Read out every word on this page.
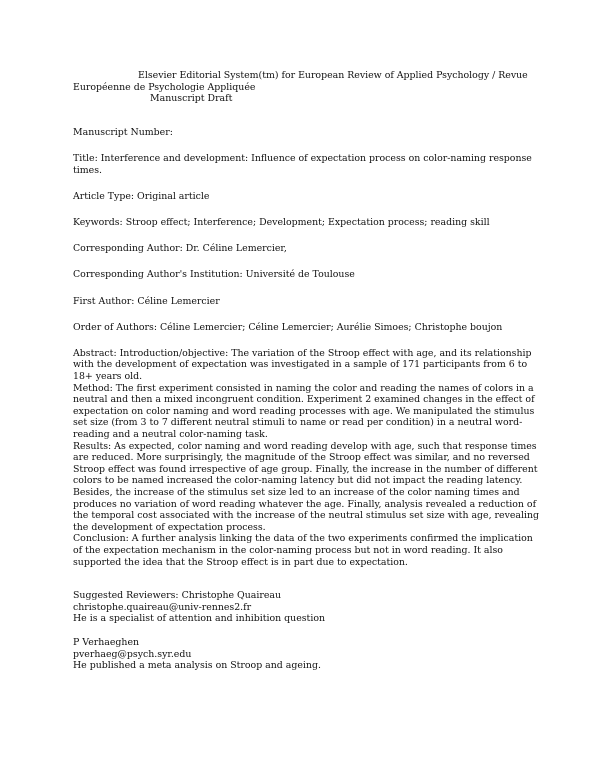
Elsevier Editorial System(tm) for European Review of Applied Psychology / Revue
Européenne de Psychologie Appliquée
Manuscript Draft
Manuscript Number:
Title: Interference and development: Influence of expectation process on color-naming response times.
Article Type: Original article
Keywords: Stroop effect; Interference; Development; Expectation process; reading skill
Corresponding Author: Dr. Céline Lemercier,
Corresponding Author's Institution: Université de Toulouse
First Author: Céline Lemercier
Order of Authors: Céline Lemercier; Céline Lemercier; Aurélie Simoes; Christophe boujon

Abstract: Introduction/objective: The variation of the Stroop effect with age, and its relationship with the development of expectation was investigated in a sample of 171 participants from 6 to 18+ years old.

Method: The first experiment consisted in naming the color and reading the names of colors in a neutral and then a mixed incongruent condition. Experiment 2 examined changes in the effect of expectation on color naming and word reading processes with age. We manipulated the stimulus set size (from 3 to 7 different neutral stimuli to name or read per condition) in a neutral word-reading and a neutral color-naming task.

Results: As expected, color naming and word reading develop with age, such that response times are reduced. More surprisingly, the magnitude of the Stroop effect was similar, and no reversed Stroop effect was found irrespective of age group. Finally, the increase in the number of different colors to be named increased the color-naming latency but did not impact the reading latency. Besides, the increase of the stimulus set size led to an increase of the color naming times and produces no variation of word reading whatever the age. Finally, analysis revealed a reduction of the temporal cost associated with the increase of the neutral stimulus set size with age, revealing the development of expectation process.

Conclusion: A further analysis linking the data of the two experiments confirmed the implication of the expectation mechanism in the color-naming process but not in word reading. It also supported the idea that the Stroop effect is in part due to expectation.

Suggested Reviewers: Christophe Quaireau
christophe.quaireau@univ-rennes2.fr
He is a specialist of attention and inhibition question
P Verhaeghen
pverhaeg@psych.syr.edu
He published a meta analysis on Stroop and ageing.
